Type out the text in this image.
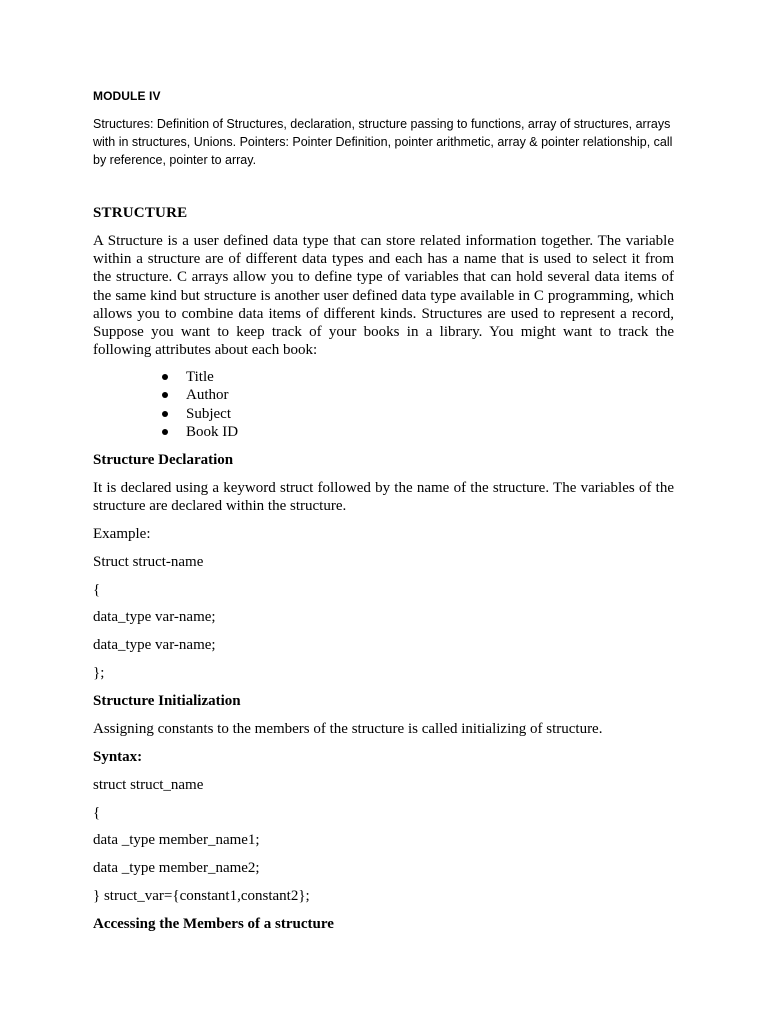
MODULE IV

Structures: Definition of Structures, declaration, structure passing to functions, array of structures, arrays with in structures, Unions. Pointers: Pointer Definition, pointer arithmetic, array & pointer relationship, call by reference, pointer to array.

STRUCTURE

A Structure is a user defined data type that can store related information together. The variable within a structure are of different data types and each has a name that is used to select it from the structure. C arrays allow you to define type of variables that can hold several data items of the same kind but structure is another user defined data type available in C programming, which allows you to combine data items of different kinds. Structures are used to represent a record, Suppose you want to keep track of your books in a library. You might want to track the following attributes about each book:

Title
Author
Subject
Book ID
Structure Declaration

It is declared using a keyword struct followed by the name of the structure. The variables of the structure are declared within the structure.

Example:
Struct struct-name
{
data_type var-name;
data_type var-name;
};
Structure Initialization
Assigning constants to the members of the structure is called initializing of structure.
Syntax:
struct struct_name
{
data _type member_name1;
data _type member_name2;
} struct_var={constant1,constant2};
Accessing the Members of a structure
